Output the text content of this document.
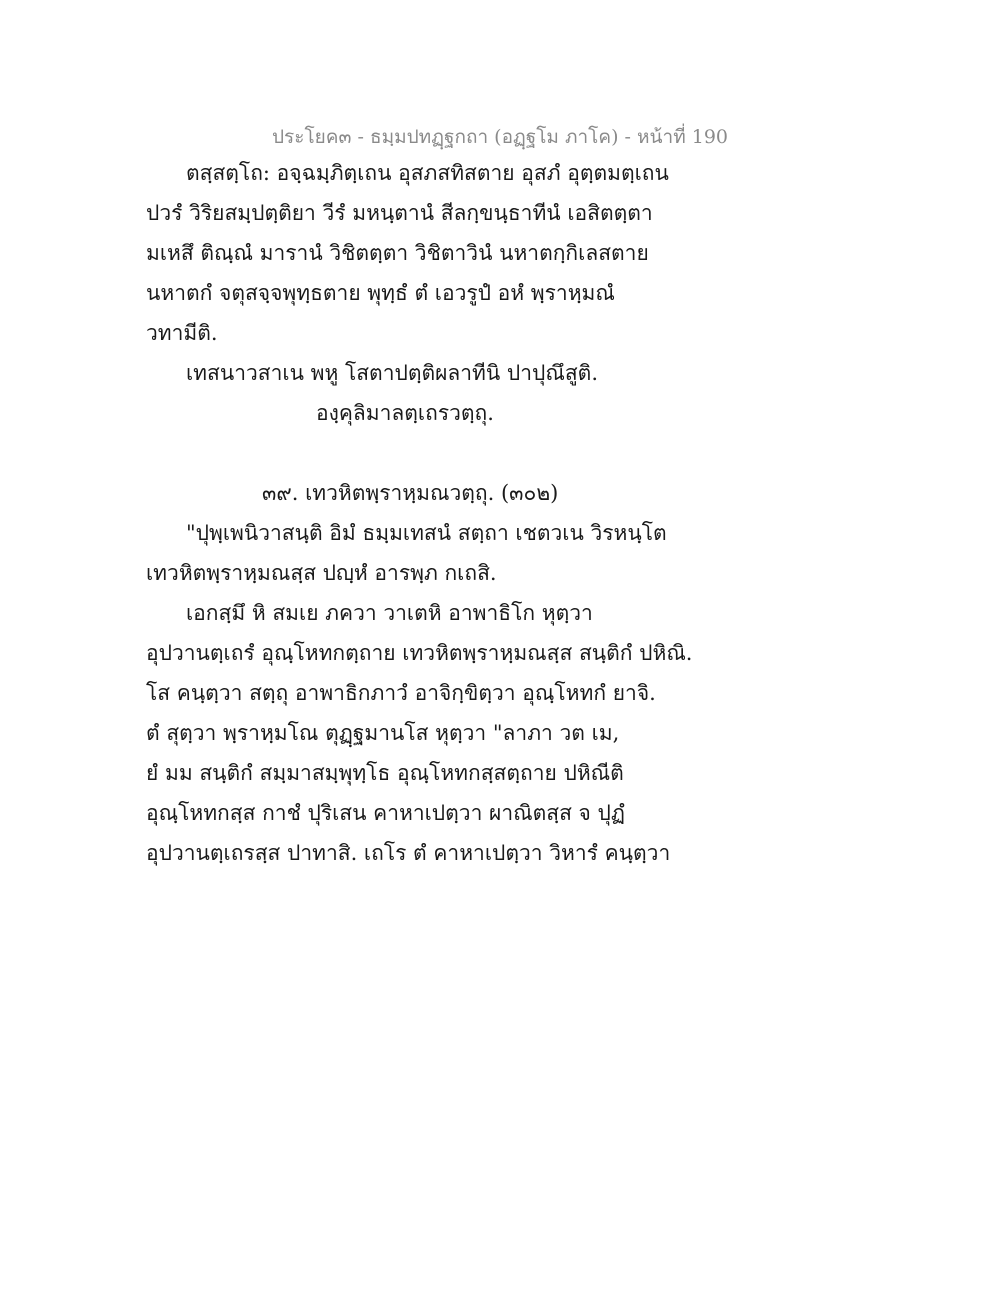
ประโยค๓ - ธมฺมปทฏฺฐกถา (อฏฺฐโม ภาโค) - หน้าที่ 190
ตสฺสตฺโถ: อจฺฉมฺภิตฺเถน อุสภสทิสตาย อุสภํ อุตฺตมตฺเถน
ปวรํ วิริยสมฺปตฺติยา วีรํ มหนฺตานํ สีลกฺขนฺธาทีนํ เอสิตตฺตา
มเหสึ ติณฺณํ มารานํ วิชิตตฺตา วิชิตาวินํ นหาตกฺกิเลสตาย
นหาตกํ จตุสจฺจพุทฺธตาย พุทฺธํ ตํ เอวรูปํ อหํ พฺราหฺมณํ
วทามีติ.
เทสนาวสาเน พหู โสตาปตฺติผลาทีนิ ปาปุณึสูติ.
องฺคุลิมาลตฺเถรวตฺถุ.
๓๙. เทวหิตพฺราหฺมณวตฺถุ. (๓๐๒)
"ปุพฺเพนิวาสนฺติ อิมํ ธมฺมเทสนํ สตฺถา เชตวเน วิรหนฺโต
เทวหิตพฺราหฺมณสฺส ปญฺหํ อารพฺภ กเถสิ.
เอกสฺมึ หิ สมเย ภควา วาเตหิ อาพาธิโก หุตฺวา
อุปวานตฺเถรํ อุณฺโหทกตฺถาย เทวหิตพฺราหฺมณสฺส สนฺติกํ ปหิณิ.
โส คนฺตฺวา สตฺถุ อาพาธิกภาวํ อาจิกฺขิตฺวา อุณฺโหทกํ ยาจิ.
ตํ สุตฺวา พฺราหฺมโณ ตุฏฺฐมานโส หุตฺวา "ลาภา วต เม,
ยํ มม สนฺติกํ สมฺมาสมฺพุทฺโธ อุณฺโหทกสฺสตฺถาย ปหิณีติ
อุณฺโหทกสฺส กาชํ ปุริเสน คาหาเปตฺวา ผาณิตสฺส จ ปุฏํ
อุปวานตฺเถรสฺส ปาทาสิ. เถโร ตํ คาหาเปตฺวา วิหารํ คนฺตฺวา
